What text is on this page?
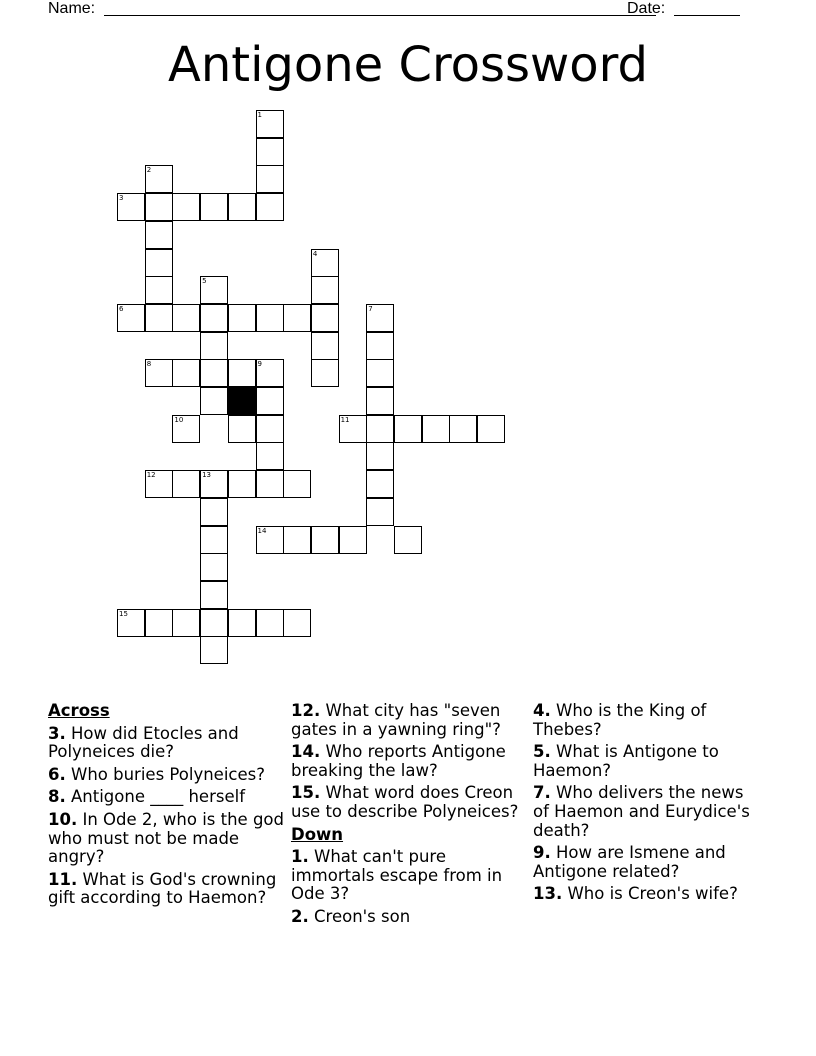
Name:	Date:
Antigone Crossword
1
2
3
4
5
6	7
8	9
10	11
12	13
14
15
Across
3. How did Etocles and Polyneices die?
6. Who buries Polyneices?
8. Antigone ____ herself
10. In Ode 2, who is the god who must not be made angry?
11. What is God's crowning gift according to Haemon?
12. What city has "seven gates in a yawning ring"?
14. Who reports Antigone breaking the law?
15. What word does Creon use to describe Polyneices?
Down
1. What can't pure immortals escape from in Ode 3?
2. Creon's son
4. Who is the King of Thebes?
5. What is Antigone to Haemon?
7. Who delivers the news of Haemon and Eurydice's death?
9. How are Ismene and Antigone related?
13. Who is Creon's wife?
